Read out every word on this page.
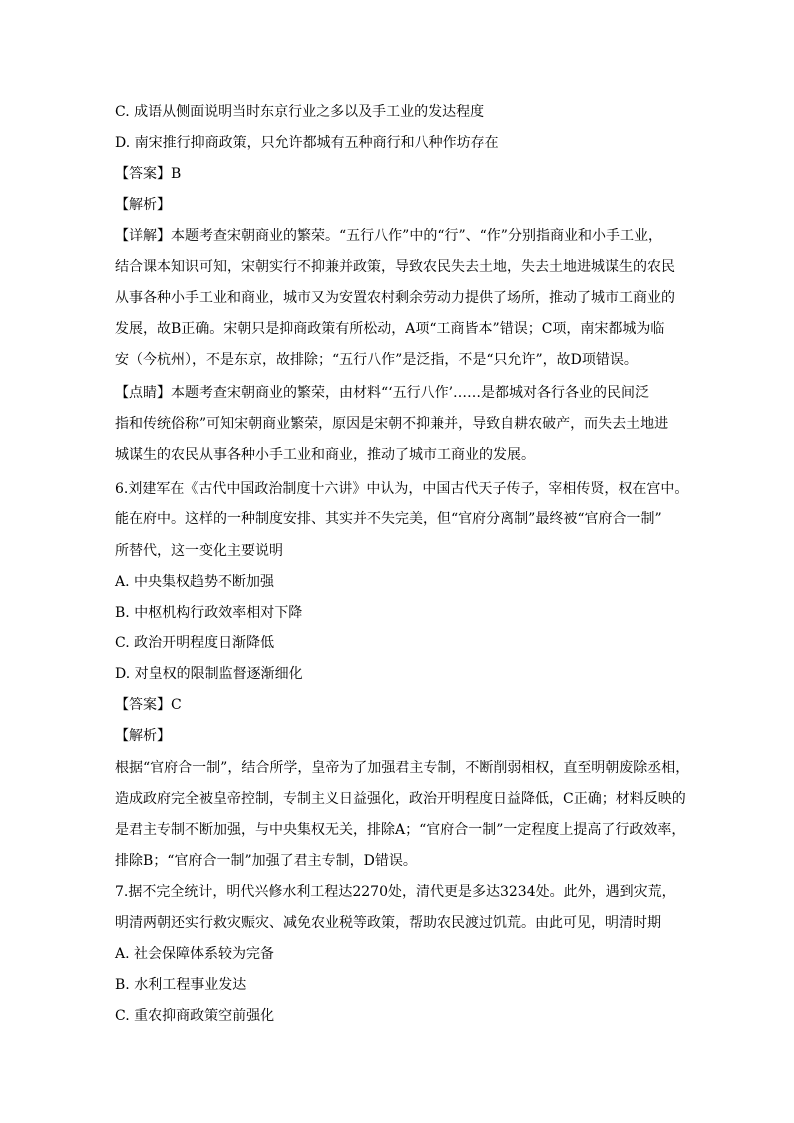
C. 成语从侧面说明当时东京行业之多以及手工业的发达程度
D. 南宋推行抑商政策，只允许都城有五种商行和八种作坊存在
【答案】B
【解析】
【详解】本题考查宋朝商业的繁荣。“五行八作”中的“行”、“作”分别指商业和小手工业，
结合课本知识可知，宋朝实行不抑兼并政策，导致农民失去土地，失去土地进城谋生的农民
从事各种小手工业和商业，城市又为安置农村剩余劳动力提供了场所，推动了城市工商业的
发展，故B正确。宋朝只是抑商政策有所松动，A项“工商皆本”错误；C项，南宋都城为临
安（今杭州），不是东京，故排除；“五行八作”是泛指，不是“只允许”，故D项错误。
【点睛】本题考查宋朝商业的繁荣，由材料“‘五行八作’……是都城对各行各业的民间泛
指和传统俗称”可知宋朝商业繁荣，原因是宋朝不抑兼并，导致自耕农破产，而失去土地进
城谋生的农民从事各种小手工业和商业，推动了城市工商业的发展。
6.刘建军在《古代中国政治制度十六讲》中认为，中国古代天子传子，宰相传贤，权在宫中。
能在府中。这样的一种制度安排、其实并不失完美，但“官府分离制”最终被“官府合一制”
所替代，这一变化主要说明
A. 中央集权趋势不断加强
B. 中枢机构行政效率相对下降
C. 政治开明程度日渐降低
D. 对皇权的限制监督逐渐细化
【答案】C
【解析】
根据“官府合一制”，结合所学，皇帝为了加强君主专制，不断削弱相权，直至明朝废除丞相，
造成政府完全被皇帝控制，专制主义日益强化，政治开明程度日益降低，C正确；材料反映的
是君主专制不断加强，与中央集权无关，排除A；“官府合一制”一定程度上提高了行政效率，
排除B；“官府合一制”加强了君主专制，D错误。
7.据不完全统计，明代兴修水利工程达2270处，清代更是多达3234处。此外，遇到灾荒，
明清两朝还实行救灾赈灾、减免农业税等政策，帮助农民渡过饥荒。由此可见，明清时期
A. 社会保障体系较为完备
B. 水利工程事业发达
C. 重农抑商政策空前强化
